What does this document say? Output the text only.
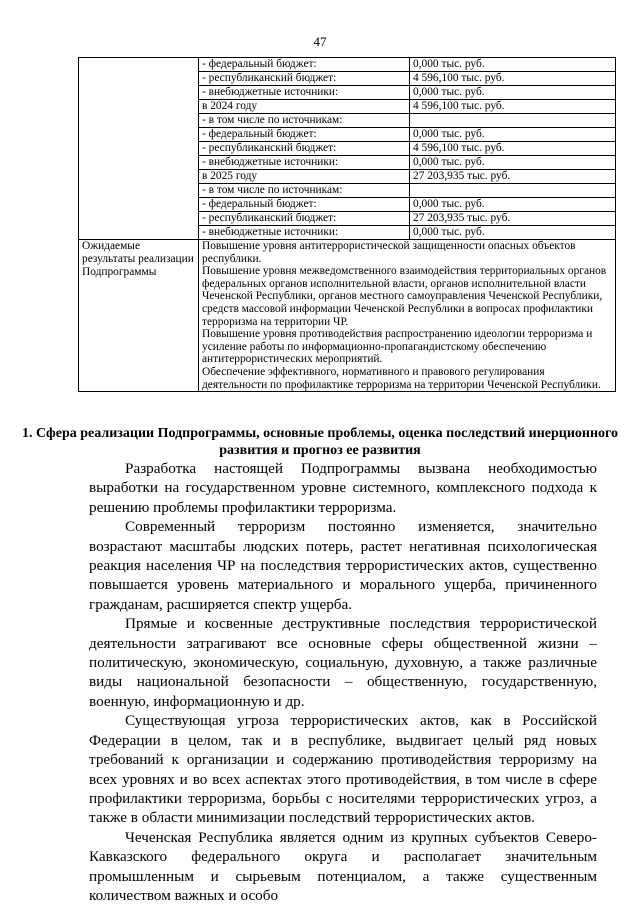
47
	- федеральный бюджет:	0,000 тыс. руб.
	- республиканский бюджет:	4 596,100 тыс. руб.
	- внебюджетные источники:	0,000 тыс. руб.
	в 2024 году	4 596,100 тыс. руб.
	- в том числе по источникам:	
	- федеральный бюджет:	0,000 тыс. руб.
	- республиканский бюджет:	4 596,100 тыс. руб.
	- внебюджетные источники:	0,000 тыс. руб.
	в 2025 году	27 203,935 тыс. руб.
	- в том числе по источникам:	
	- федеральный бюджет:	0,000 тыс. руб.
	- республиканский бюджет:	27 203,935 тыс. руб.
	- внебюджетные источники:	0,000 тыс. руб.
Ожидаемые результаты реализации Подпрограммы	Повышение уровня антитеррористической защищенности опасных объектов республики.
Повышение уровня межведомственного взаимодействия территориальных органов федеральных органов исполнительной власти, органов исполнительной власти Чеченской Республики, органов местного самоуправления Чеченской Республики, средств массовой информации Чеченской Республики в вопросах профилактики терроризма на территории ЧР.
Повышение уровня противодействия распространению идеологии терроризма и усиление работы по информационно-пропагандистскому обеспечению антитеррористических мероприятий.
Обеспечение эффективного, нормативного и правового регулирования деятельности по профилактике терроризма на территории Чеченской Республики.	
1. Сфера реализации Подпрограммы, основные проблемы, оценка последствий инерционного развития и прогноз ее развития

Разработка настоящей Подпрограммы вызвана необходимостью выработки на государственном уровне системного, комплексного подхода к решению проблемы профилактики терроризма.

Современный терроризм постоянно изменяется, значительно возрастают масштабы людских потерь, растет негативная психологическая реакция населения ЧР на последствия террористических актов, существенно повышается уровень материального и морального ущерба, причиненного гражданам, расширяется спектр ущерба.

Прямые и косвенные деструктивные последствия террористической деятельности затрагивают все основные сферы общественной жизни – политическую, экономическую, социальную, духовную, а также различные виды национальной безопасности – общественную, государственную, военную, информационную и др.

Существующая угроза террористических актов, как в Российской Федерации в целом, так и в республике, выдвигает целый ряд новых требований к организации и содержанию противодействия терроризму на всех уровнях и во всех аспектах этого противодействия, в том числе в сфере профилактики терроризма, борьбы с носителями террористических угроз, а также в области минимизации последствий террористических актов.

Чеченская Республика является одним из крупных субъектов Северо-Кавказского федерального округа и располагает значительным промышленным и сырьевым потенциалом, а также существенным количеством важных и особо
